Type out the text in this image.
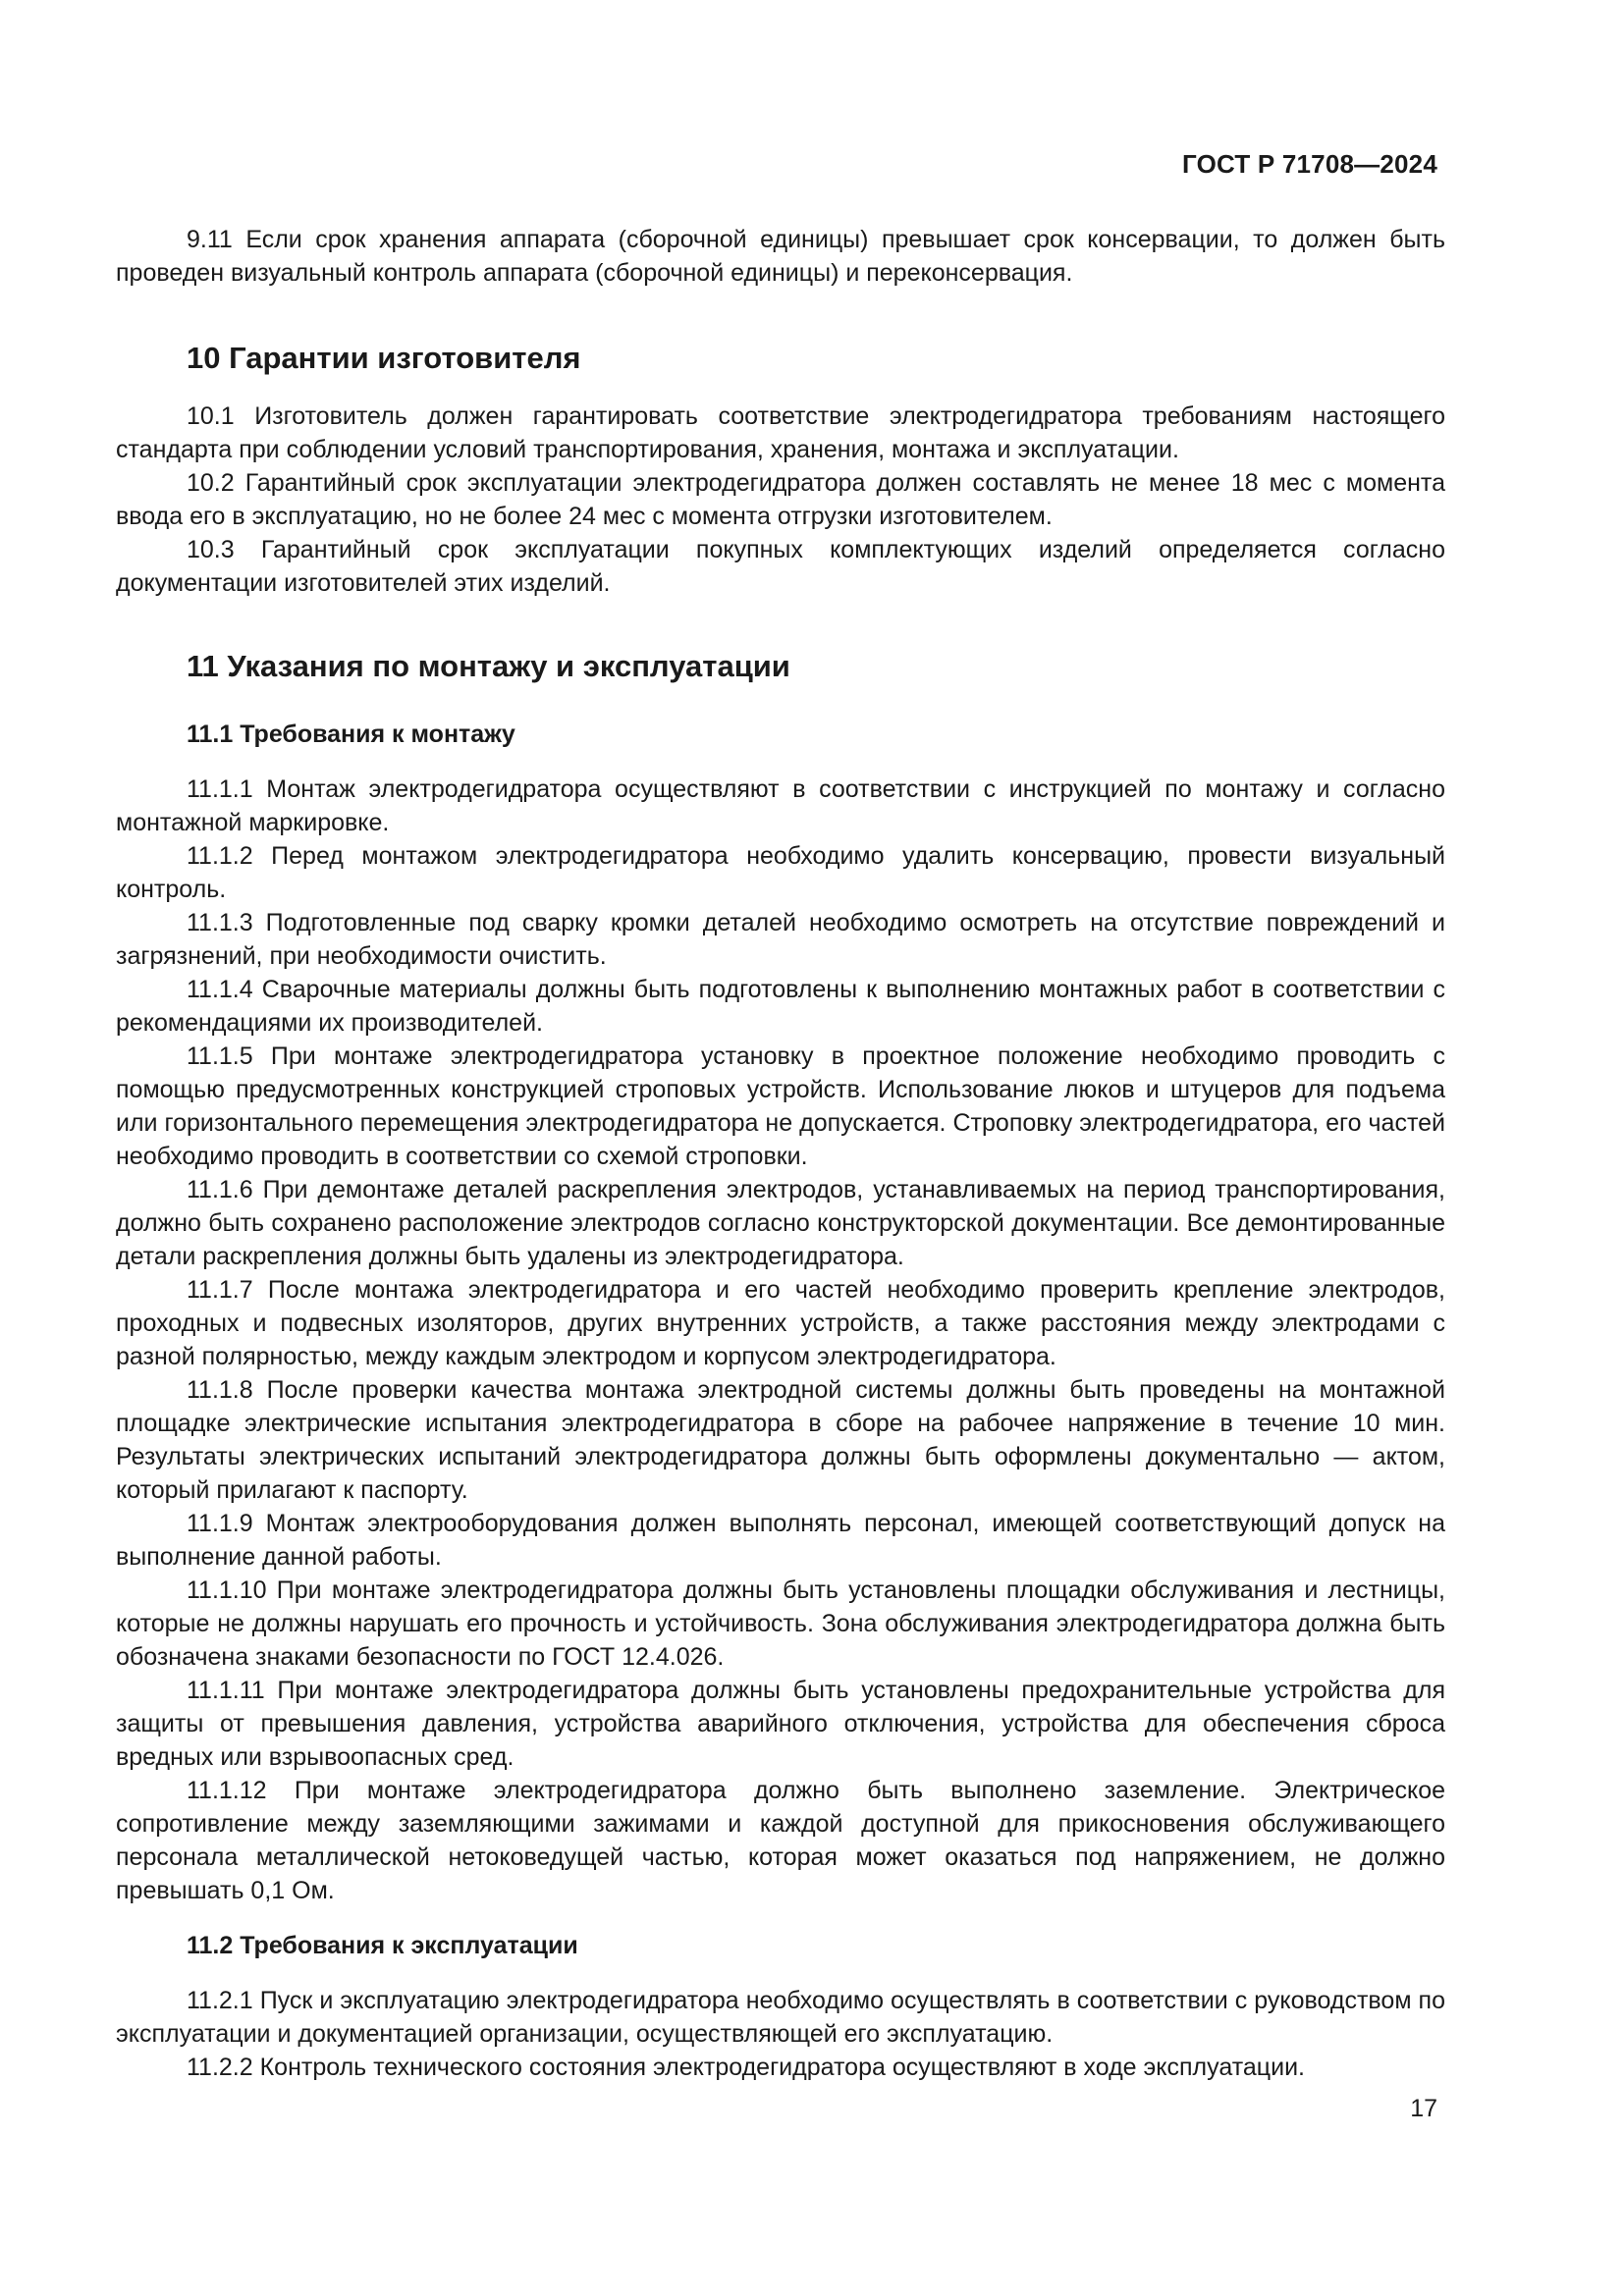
ГОСТ Р 71708—2024

9.11 Если срок хранения аппарата (сборочной единицы) превышает срок консервации, то должен быть проведен визуальный контроль аппарата (сборочной единицы) и переконсервация.

10 Гарантии изготовителя

10.1 Изготовитель должен гарантировать соответствие электродегидратора требованиям настоящего стандарта при соблюдении условий транспортирования, хранения, монтажа и эксплуатации.

10.2 Гарантийный срок эксплуатации электродегидратора должен составлять не менее 18 мес с момента ввода его в эксплуатацию, но не более 24 мес с момента отгрузки изготовителем.

10.3 Гарантийный срок эксплуатации покупных комплектующих изделий определяется согласно документации изготовителей этих изделий.

11 Указания по монтажу и эксплуатации
11.1 Требования к монтажу

11.1.1 Монтаж электродегидратора осуществляют в соответствии с инструкцией по монтажу и согласно монтажной маркировке.

11.1.2 Перед монтажом электродегидратора необходимо удалить консервацию, провести визуальный контроль.

11.1.3 Подготовленные под сварку кромки деталей необходимо осмотреть на отсутствие повреждений и загрязнений, при необходимости очистить.

11.1.4 Сварочные материалы должны быть подготовлены к выполнению монтажных работ в соответствии с рекомендациями их производителей.

11.1.5 При монтаже электродегидратора установку в проектное положение необходимо проводить с помощью предусмотренных конструкцией строповых устройств. Использование люков и штуцеров для подъема или горизонтального перемещения электродегидратора не допускается. Строповку электродегидратора, его частей необходимо проводить в соответствии со схемой строповки.

11.1.6 При демонтаже деталей раскрепления электродов, устанавливаемых на период транспортирования, должно быть сохранено расположение электродов согласно конструкторской документации. Все демонтированные детали раскрепления должны быть удалены из электродегидратора.

11.1.7 После монтажа электродегидратора и его частей необходимо проверить крепление электродов, проходных и подвесных изоляторов, других внутренних устройств, а также расстояния между электродами с разной полярностью, между каждым электродом и корпусом электродегидратора.

11.1.8 После проверки качества монтажа электродной системы должны быть проведены на монтажной площадке электрические испытания электродегидратора в сборе на рабочее напряжение в течение 10 мин. Результаты электрических испытаний электродегидратора должны быть оформлены документально — актом, который прилагают к паспорту.

11.1.9 Монтаж электрооборудования должен выполнять персонал, имеющей соответствующий допуск на выполнение данной работы.

11.1.10 При монтаже электродегидратора должны быть установлены площадки обслуживания и лестницы, которые не должны нарушать его прочность и устойчивость. Зона обслуживания электродегидратора должна быть обозначена знаками безопасности по ГОСТ 12.4.026.

11.1.11 При монтаже электродегидратора должны быть установлены предохранительные устройства для защиты от превышения давления, устройства аварийного отключения, устройства для обеспечения сброса вредных или взрывоопасных сред.

11.1.12 При монтаже электродегидратора должно быть выполнено заземление. Электрическое сопротивление между заземляющими зажимами и каждой доступной для прикосновения обслуживающего персонала металлической нетоковедущей частью, которая может оказаться под напряжением, не должно превышать 0,1 Ом.

11.2 Требования к эксплуатации

11.2.1 Пуск и эксплуатацию электродегидратора необходимо осуществлять в соответствии с руководством по эксплуатации и документацией организации, осуществляющей его эксплуатацию.

11.2.2 Контроль технического состояния электродегидратора осуществляют в ходе эксплуатации.

17
